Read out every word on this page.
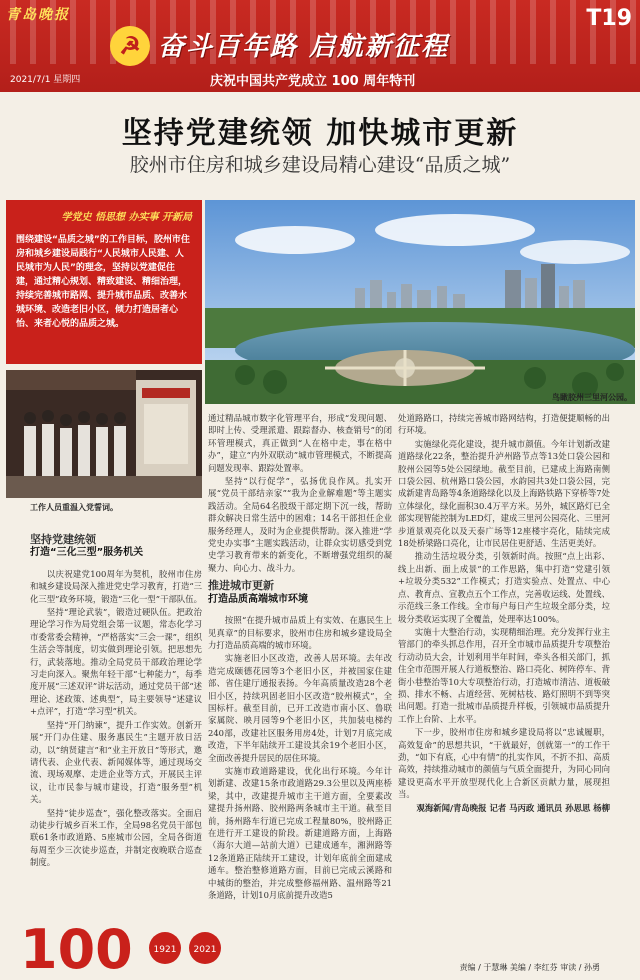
青岛晚报	T19
☭ 奋斗百年路 启航新征程
2021/7/1 星期四	庆祝中国共产党成立 100 周年特刊
坚持党建统领 加快城市更新
胶州市住房和城乡建设局精心建设“品质之城”
学党史 悟思想 办实事 开新局
围绕建设“品质之城”的工作目标，胶州市住房和城乡建设局践行“人民城市人民建、人民城市为人民”的理念，坚持以党建促住建，通过精心规划、精致建设、精细治理，持续完善城市路网、提升城市品质、改善水城环境、改造老旧小区，倾力打造居者心怡、来者心悦的品质之城。
鸟瞰胶州三里河公园。
工作人员重温入党誓词。
坚持党建统领
打造“三化三型”服务机关

以庆祝建党100周年为契机，胶州市住房和城乡建设局深入推进党史学习教育，打造“三化三型”政务环境，锻造“三化一型”干部队伍。

坚持“理论武装”，锻造过硬队伍。把政治理论学习作为局党组会第一议题，常态化学习市委常委会精神，“严格落实”三会一课”，组织生活会等制度，切实做到理论引领。把思想先行，武装落地。推动全局党员干部政治理论学习走向深入。聚焦年轻干部“七种能力”，每季度开展“三述双评”讲坛活动，通过党员干部“述理论、述政策、述典型”，局主要领导“述建议+点评”，打造“学习型”机关。

坚持“开门纳谏”，提升工作实效。创新开展“开门办住建、服务惠民生”主题开放日活动，以“纳贤建言”和“业主开放日”等形式，邀请代表、企业代表、新闻媒体等，通过现场交流、现场观摩、走进企业等方式，开展民主评议，让市民参与城市建设，打造“服务型”机关。

坚持“徒步巡查”，强化整改落实。全面启动徒步行城乡百米工作，全局98名党员干部包联61条市政道路、5座城市公园，全局各街道每周至少三次徒步巡查，并制定夜晚联合巡查制度。

通过精品城市数字化管理平台，形成“发现问题、即时上传、受理派遣、跟踪督办、核查销号”的闭环管理模式，真正做到“人在格中走，事在格中办”，建立“内外双联动”城市管理模式，不断提高问题发现率、跟踪处置率。

坚持“以行促学”，弘扬优良作风。扎实开展“党员干部结亲家”“我为企业解难题”等主题实践活动。全局64名股级干部定期下沉一线，帮助群众解决日常生活中的困难；14名干部担任企业服务经理人，及时为企业提供帮助。深入推进“学党史办实事”主题实践活动，让群众实切感受到党史学习教育带来的新变化，不断增强党组织的凝聚力、向心力、战斗力。

推进城市更新
打造品质高端城市环境

按照“在提升城市品质上有实效、在惠民生上见真章”的目标要求，胶州市住房和城乡建设局全力打造品质高端的城市环境。

实施老旧小区改造，改善人居环境。去年改造完成颐德花园等3个老旧小区，并被国家住建部、省住建厅通报表扬。今年高质量改造28个老旧小区，持续巩固老旧小区改造“胶州模式”，全国标杆。截至目前，已开工改造市南小区、鲁联家属院、映月园等9个老旧小区，共加装电梯约240部，改建社区服务用房4处，计划7月底完成改造，下半年陆续开工建设其余19个老旧小区，全面改善提升居民的居住环境。

实施市政道路建设，优化出行环境。今年计划新建、改建15条市政道路29.3公里以及两座桥梁，其中，改建提升城市主干道方面，全要素改建提升扬州路、胶州路两条城市主干道。截至目前，扬州路车行道已完成工程量80%，胶州路正在进行开工建设的阶段。新建道路方面，上海路（海尔大道—站前大道）已建成通车，湘洲路等12条道路正陆续开工建设，计划年底前全面建成通车。整治整修道路方面，目前已完成云溪路和中城街的整治，并完成整修福州路、温州路等21条道路，计划10月底前提升改造5

处道路路口，持续完善城市路网结构，打造便捷顺畅的出行环境。

实施绿化亮化建设，提升城市颜值。今年计划新改建道路绿化22条，整治提升泸州路节点等13处口袋公园和胶州公园等5处公园绿地。截至目前，已建成上海路南侧口袋公园、杭州路口袋公园，水韵园共3处口袋公园，完成新建青岛路等4条道路绿化以及上海路铁路下穿桥等7处立体绿化，绿化面积30.4万平方米。另外，城区路灯已全部实现智能控制为LED灯，建成三里河公园亮化、三里河步道景观亮化以及天泰广场等12座楼宇亮化，陆续完成18处桥梁路口亮化，让市民居住更舒适、生活更美好。

推动生活垃圾分类，引领新时尚。按照“点上出彩、线上出新、面上成景”的工作思路，集中打造“党建引领+垃圾分类532”工作模式；打造实验点、处置点、中心点、教育点、宣教点五个工作点，完善收运线、处置线、示范线三条工作线。全市每户每日产生垃圾全部分类，垃圾分类收运实现了全覆盖，处理率达100%。

实施十大整治行动，实现精细治理。充分发挥行业主管部门的牵头抓总作用，召开全市城市品质提升专项整治行动动员大会，计划利用半年时间，牵头各相关部门，抓住全市范围开展人行道板整治、路口亮化、树阵停车、背街小巷整治等10大专项整治行动，打造城市清洁、道板破损、排水不畅、占道经营、死树枯枝、路灯照明不到等突出问题。打造一批城市品质提升样板，引领城市品质提升工作上台阶、上水平。

下一步，胶州市住房和城乡建设局将以“忠诚履职，高效复命”的思想共识，“干就最好，创就第一”的工作干劲，“如下有底，心中有情”的扎实作风，不折不扣、高质高效，持续推动城市的颜值与气质全面提升，为同心同向建设更高水平开放型现代化上合新区贡献力量，展现担当。

观海新闻/青岛晚报 记者 马丙政 通讯员 孙思思 杨柳
100 1921 2021
责编 / 于慧琳 美编 / 李红芬 审读 / 孙勇
